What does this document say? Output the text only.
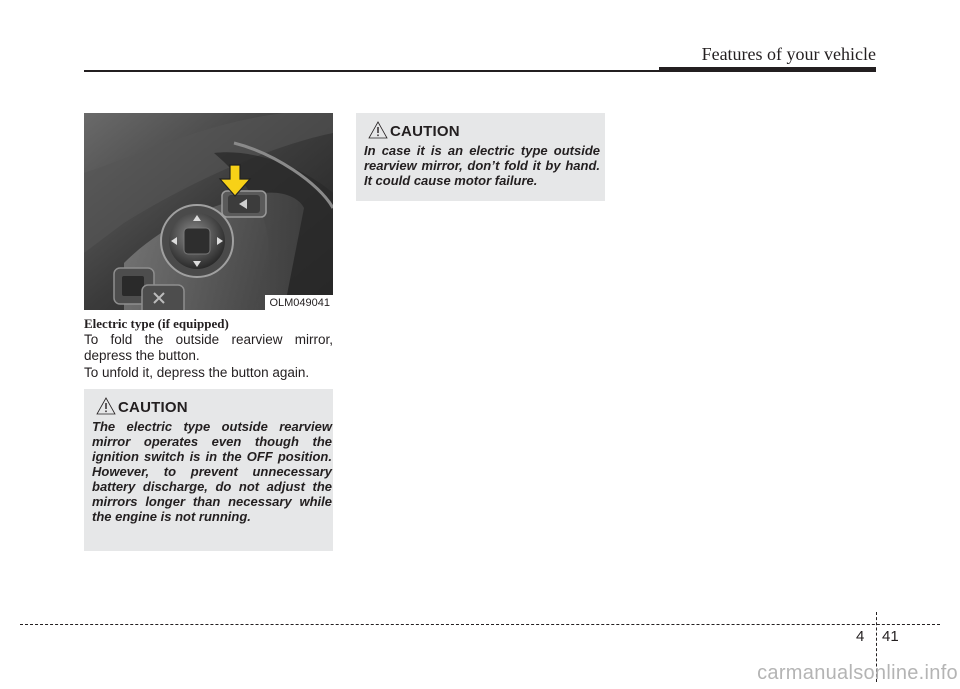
Features of your vehicle
OLM049041
Electric type (if equipped)
To fold the outside rearview mirror, depress the button.
To unfold it, depress the button again.
CAUTION
The electric type outside rearview mirror operates even though the ignition switch is in the OFF position. However, to prevent unnecessary battery discharge, do not adjust the mirrors longer than necessary while the engine is not running.
CAUTION
In case it is an electric type outside rearview mirror, don’t fold it by hand. It could cause motor failure.
4 41
carmanualsonline.info
